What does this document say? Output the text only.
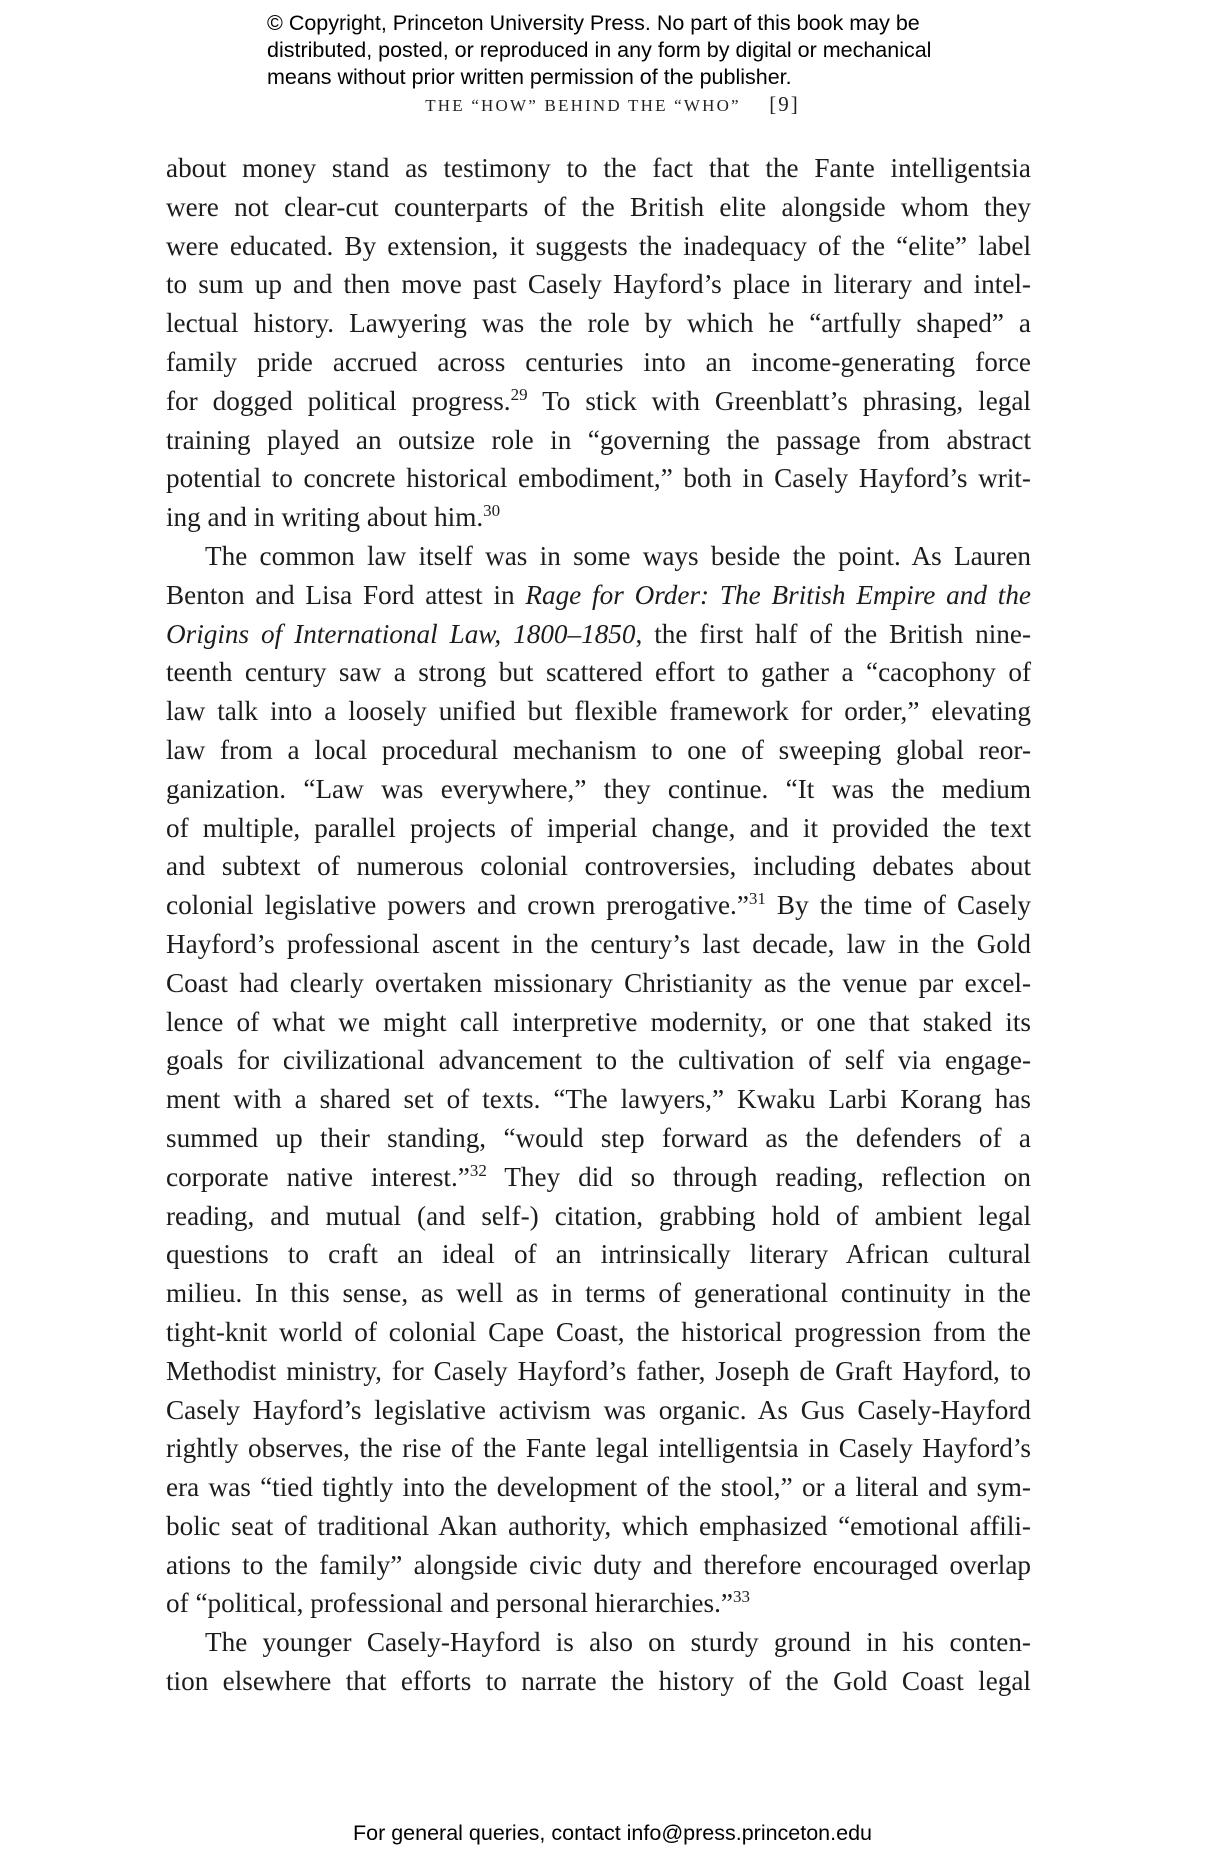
© Copyright, Princeton University Press. No part of this book may be
distributed, posted, or reproduced in any form by digital or mechanical
means without prior written permission of the publisher.
THE “HOW” BEHIND THE “WHO” [9]
about money stand as testimony to the fact that the Fante intelligentsia
were not clear-cut counterparts of the British elite alongside whom they
were educated. By extension, it suggests the inadequacy of the “elite” label
to sum up and then move past Casely Hayford’s place in literary and intel-
lectual history. Lawyering was the role by which he “artfully shaped” a
family pride accrued across centuries into an income-generating force
for dogged political progress.$^{29}$ To stick with Greenblatt’s phrasing, legal
training played an outsize role in “governing the passage from abstract
potential to concrete historical embodiment,” both in Casely Hayford’s writ-
ing and in writing about him.$^{30}$
The common law itself was in some ways beside the point. As Lauren
Benton and Lisa Ford attest in Rage for Order: The British Empire and the
Origins of International Law, 1800–1850, the first half of the British nine-
teenth century saw a strong but scattered effort to gather a “cacophony of
law talk into a loosely unified but flexible framework for order,” elevating
law from a local procedural mechanism to one of sweeping global reor-
ganization. “Law was everywhere,” they continue. “It was the medium
of multiple, parallel projects of imperial change, and it provided the text
and subtext of numerous colonial controversies, including debates about
colonial legislative powers and crown prerogative.”$^{31}$ By the time of Casely
Hayford’s professional ascent in the century’s last decade, law in the Gold
Coast had clearly overtaken missionary Christianity as the venue par excel-
lence of what we might call interpretive modernity, or one that staked its
goals for civilizational advancement to the cultivation of self via engage-
ment with a shared set of texts. “The lawyers,” Kwaku Larbi Korang has
summed up their standing, “would step forward as the defenders of a
corporate native interest.”$^{32}$ They did so through reading, reflection on
reading, and mutual (and self-) citation, grabbing hold of ambient legal
questions to craft an ideal of an intrinsically literary African cultural
milieu. In this sense, as well as in terms of generational continuity in the
tight-knit world of colonial Cape Coast, the historical progression from the
Methodist ministry, for Casely Hayford’s father, Joseph de Graft Hayford, to
Casely Hayford’s legislative activism was organic. As Gus Casely-Hayford
rightly observes, the rise of the Fante legal intelligentsia in Casely Hayford’s
era was “tied tightly into the development of the stool,” or a literal and sym-
bolic seat of traditional Akan authority, which emphasized “emotional affili-
ations to the family” alongside civic duty and therefore encouraged overlap
of “political, professional and personal hierarchies.”$^{33}$
The younger Casely-Hayford is also on sturdy ground in his conten-
tion elsewhere that efforts to narrate the history of the Gold Coast legal
For general queries, contact info@press.princeton.edu
